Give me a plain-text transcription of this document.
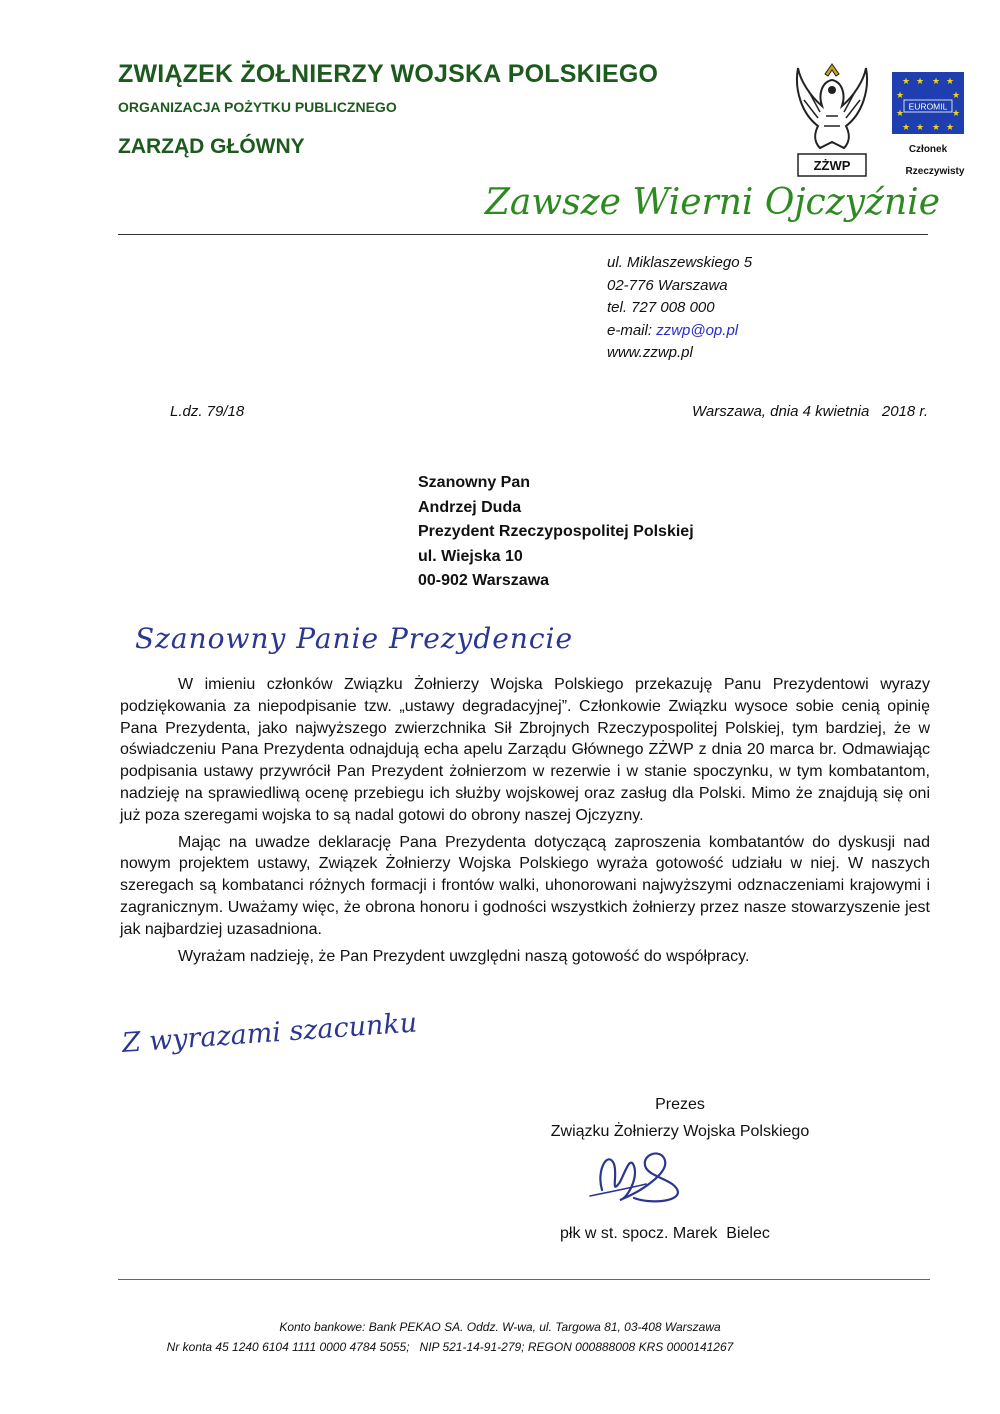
ZWIĄZEK ŻOŁNIERZY WOJSKA POLSKIEGO
ORGANIZACJA POŻYTKU PUBLICZNEGO
ZARZĄD GŁÓWNY
ZŻWP
★ ★ ★ ★
★	★
★	★
★ ★ ★ ★
EUROMIL
Członek
Rzeczywisty
Zawsze Wierni Ojczyźnie
ul. Miklaszewskiego 5
02-776 Warszawa
tel. 727 008 000
e-mail: zzwp@op.pl
www.zzwp.pl
L.dz. 79/18	Warszawa, dnia 4 kwietnia   2018 r.
Szanowny Pan
Andrzej Duda
Prezydent Rzeczypospolitej Polskiej
ul. Wiejska 10
00-902 Warszawa
Szanowny Panie Prezydencie

W imieniu członków Związku Żołnierzy Wojska Polskiego przekazuję Panu Prezydentowi wyrazy podziękowania za niepodpisanie tzw. „ustawy degradacyjnej”. Członkowie Związku wysoce sobie cenią opinię Pana Prezydenta, jako najwyższego zwierzchnika Sił Zbrojnych Rzeczypospolitej Polskiej, tym bardziej, że w oświadczeniu Pana Prezydenta odnajdują echa apelu Zarządu Głównego ZŻWP z dnia 20 marca br. Odmawiając podpisania ustawy przywrócił Pan Prezydent żołnierzom w rezerwie i w stanie spoczynku, w tym kombatantom, nadzieję na sprawiedliwą ocenę przebiegu ich służby wojskowej oraz zasług dla Polski. Mimo że znajdują się oni już poza szeregami wojska to są nadal gotowi do obrony naszej Ojczyzny.

Mając na uwadze deklarację Pana Prezydenta dotyczącą zaproszenia kombatantów do dyskusji nad nowym projektem ustawy, Związek Żołnierzy Wojska Polskiego wyraża gotowość udziału w niej. W naszych szeregach są kombatanci różnych formacji i frontów walki, uhonorowani najwyższymi odznaczeniami krajowymi i zagranicznym. Uważamy więc, że obrona honoru i godności wszystkich żołnierzy przez nasze stowarzyszenie jest jak najbardziej uzasadniona.

Wyrażam nadzieję, że Pan Prezydent uwzględni naszą gotowość do współpracy.

Z wyrazami szacunku
Prezes
Związku Żołnierzy Wojska Polskiego
płk w st. spocz. Marek  Bielec
Konto bankowe: Bank PEKAO SA. Oddz. W-wa, ul. Targowa 81, 03-408 Warszawa
Nr konta 45 1240 6104 1111 0000 4784 5055;   NIP 521-14-91-279; REGON 000888008 KRS 0000141267
